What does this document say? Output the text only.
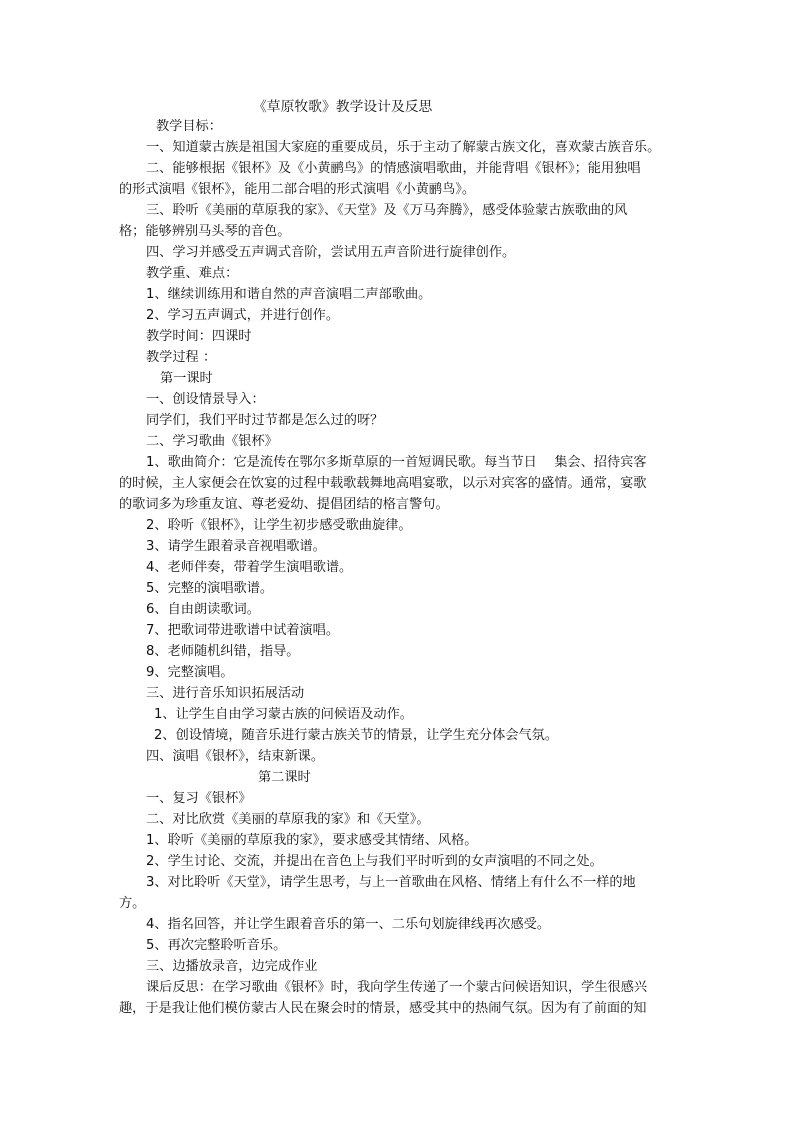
《草原牧歌》教学设计及反思
教学目标：
一、知道蒙古族是祖国大家庭的重要成员，乐于主动了解蒙古族文化，喜欢蒙古族音乐。
二、能够根据《银杯》及《小黄鹂鸟》的情感演唱歌曲，并能背唱《银杯》；能用独唱
的形式演唱《银杯》，能用二部合唱的形式演唱《小黄鹂鸟》。
三、聆听《美丽的草原我的家》、《天堂》及《万马奔腾》，感受体验蒙古族歌曲的风
格；能够辨别马头琴的音色。
四、学习并感受五声调式音阶，尝试用五声音阶进行旋律创作。
教学重、难点：
1、继续训练用和谐自然的声音演唱二声部歌曲。
2、学习五声调式，并进行创作。
教学时间：四课时
教学过程 ：
第一课时
一、创设情景导入：
同学们，我们平时过节都是怎么过的呀？
二、学习歌曲《银杯》
1、歌曲简介：它是流传在鄂尔多斯草原的一首短调民歌。每当节日　 集会、招待宾客
的时候，主人家便会在饮宴的过程中载歌载舞地高唱宴歌，以示对宾客的盛情。通常，宴歌
的歌词多为珍重友谊、尊老爱幼、提倡团结的格言警句。
2、聆听《银杯》，让学生初步感受歌曲旋律。
3、请学生跟着录音视唱歌谱。
4、老师伴奏，带着学生演唱歌谱。
5、完整的演唱歌谱。
6、自由朗读歌词。
7、把歌词带进歌谱中试着演唱。
8、老师随机纠错，指导。
9、完整演唱。
三、进行音乐知识拓展活动
1、让学生自由学习蒙古族的问候语及动作。
2、创设情境，随音乐进行蒙古族关节的情景，让学生充分体会气氛。
四、演唱《银杯》，结束新课。
第二课时
一、复习《银杯》
二、对比欣赏《美丽的草原我的家》和《天堂》。
1、聆听《美丽的草原我的家》，要求感受其情绪、风格。
2、学生讨论、交流，并提出在音色上与我们平时听到的女声演唱的不同之处。
3、对比聆听《天堂》，请学生思考，与上一首歌曲在风格、情绪上有什么不一样的地
方。
4、指名回答，并让学生跟着音乐的第一、二乐句划旋律线再次感受。
5、再次完整聆听音乐。
三、边播放录音，边完成作业
课后反思：在学习歌曲《银杯》时，我向学生传递了一个蒙古问候语知识，学生很感兴
趣，于是我让他们模仿蒙古人民在聚会时的情景，感受其中的热闹气氛。因为有了前面的知
